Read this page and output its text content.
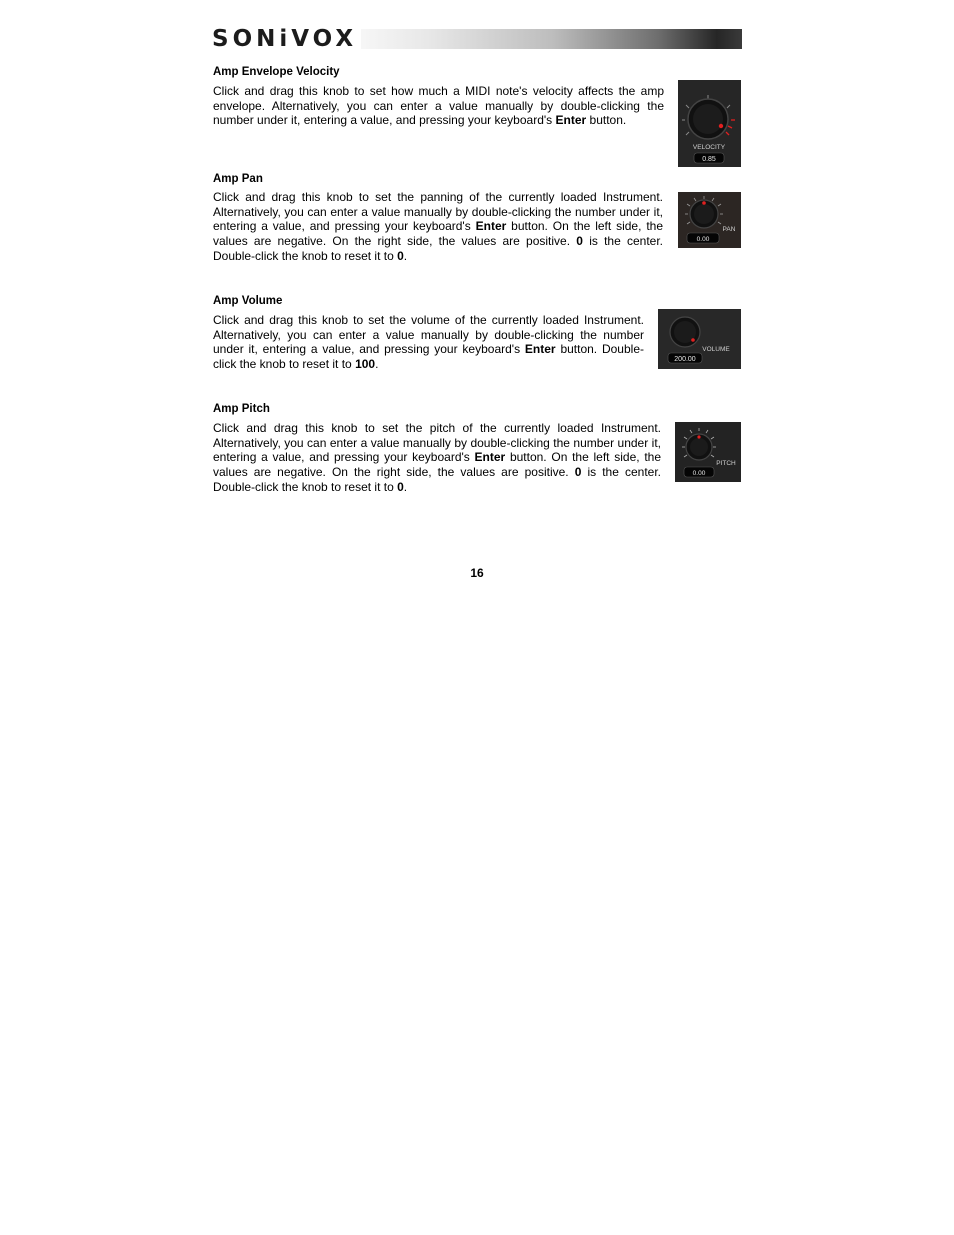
SONiVOX
Amp Envelope Velocity
Click and drag this knob to set how much a MIDI note's velocity affects the amp envelope. Alternatively, you can enter a value manually by double-clicking the number under it, entering a value, and pressing your keyboard's Enter button.
VELOCITY
0.85
Amp Pan
Click and drag this knob to set the panning of the currently loaded Instrument. Alternatively, you can enter a value manually by double-clicking the number under it, entering a value, and pressing your keyboard's Enter button. On the left side, the values are negative. On the right side, the values are positive. 0 is the center. Double-click the knob to reset it to 0.
PAN
0.00
Amp Volume
Click and drag this knob to set the volume of the currently loaded Instrument. Alternatively, you can enter a value manually by double-clicking the number under it, entering a value, and pressing your keyboard's Enter button. Double-click the knob to reset it to 100.
VOLUME
200.00
Amp Pitch
Click and drag this knob to set the pitch of the currently loaded Instrument. Alternatively, you can enter a value manually by double-clicking the number under it, entering a value, and pressing your keyboard's Enter button. On the left side, the values are negative. On the right side, the values are positive. 0 is the center. Double-click the knob to reset it to 0.
PITCH
0.00
16
